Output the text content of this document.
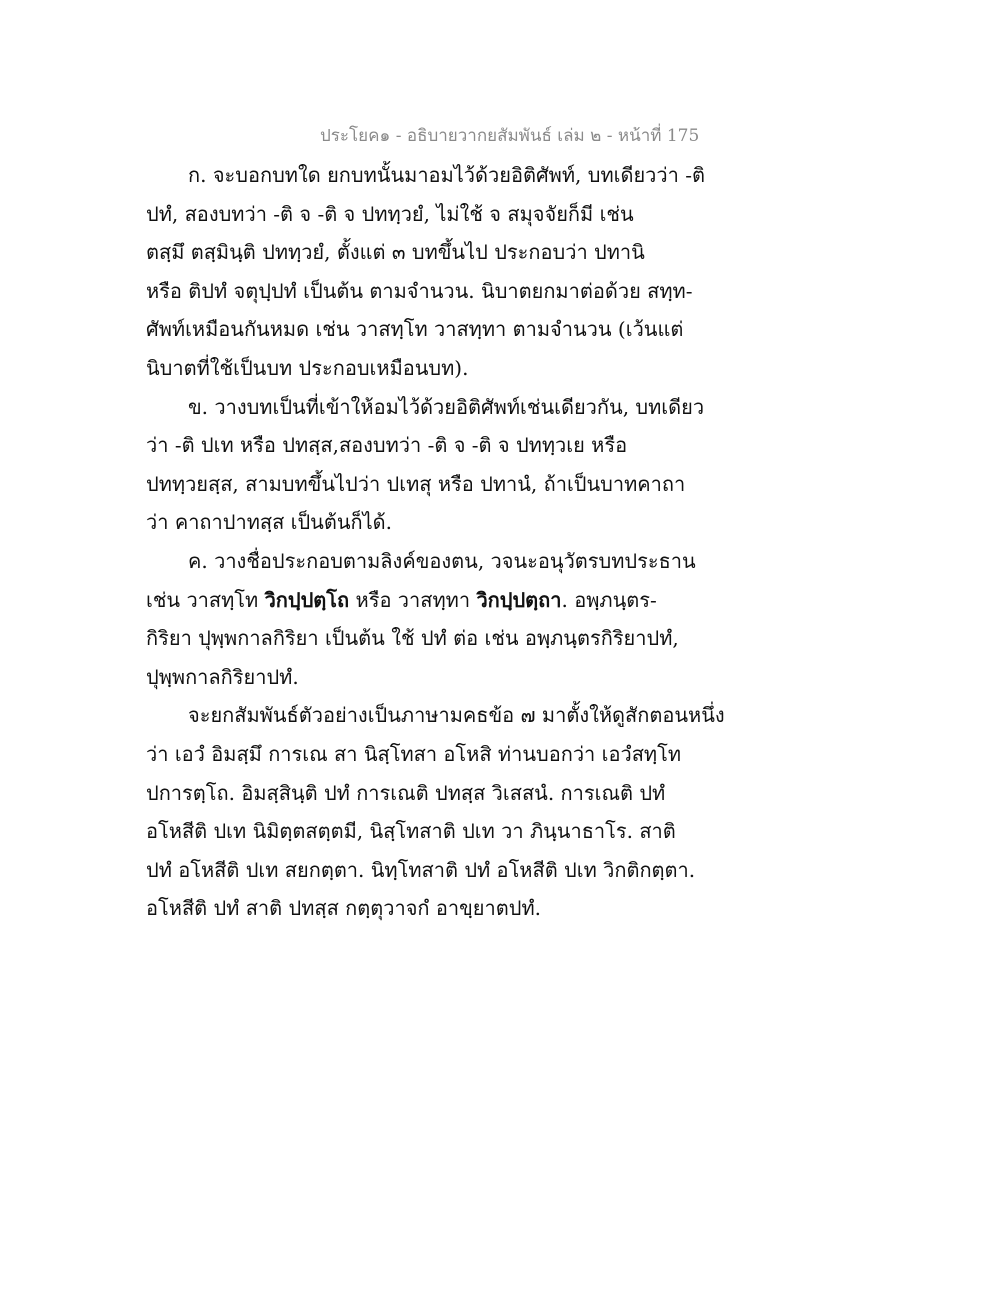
ประโยค๑ - อธิบายวากยสัมพันธ์ เล่ม ๒ - หน้าที่ 175
ก. จะบอกบทใด ยกบทนั้นมาอมไว้ด้วยอิติศัพท์, บทเดียวว่า -ติ
ปทํ, สองบทว่า -ติ จ -ติ จ ปททฺวยํ, ไม่ใช้ จ สมุจจัยก็มี เช่น
ตสฺมึ ตสฺมินฺติ ปททฺวยํ, ตั้งแต่ ๓ บทขึ้นไป ประกอบว่า ปทานิ
หรือ ติปทํ จตุปฺปทํ เป็นต้น ตามจำนวน. นิบาตยกมาต่อด้วย สทฺท-
ศัพท์เหมือนกันหมด เช่น วาสทฺโท วาสทฺทา ตามจำนวน (เว้นแต่
นิบาตที่ใช้เป็นบท ประกอบเหมือนบท).
ข. วางบทเป็นที่เข้าให้อมไว้ด้วยอิติศัพท์เช่นเดียวกัน, บทเดียว
ว่า -ติ ปเท หรือ ปทสฺส,สองบทว่า -ติ จ -ติ จ ปททฺวเย หรือ
ปททฺวยสฺส, สามบทขึ้นไปว่า ปเทสุ หรือ ปทานํ, ถ้าเป็นบาทคาถา
ว่า คาถาปาทสฺส เป็นต้นก็ได้.
ค. วางชื่อประกอบตามลิงค์ของตน, วจนะอนุวัตรบทประธาน
เช่น วาสทฺโท วิกปฺปตฺโถ หรือ วาสทฺทา วิกปฺปตฺถา. อพฺภนฺตร-
กิริยา ปุพฺพกาลกิริยา เป็นต้น ใช้ ปทํ ต่อ เช่น อพฺภนฺตรกิริยาปทํ,
ปุพฺพกาลกิริยาปทํ.
จะยกสัมพันธ์ตัวอย่างเป็นภาษามคธข้อ ๗ มาตั้งให้ดูสักตอนหนึ่ง
ว่า เอวํ อิมสฺมึ การเณ สา นิสฺโทสา อโหสิ ท่านบอกว่า เอวํสทฺโท
ปการตฺโถ. อิมสฺสินฺติ ปทํ การเณติ ปทสฺส วิเสสนํ. การเณติ ปทํ
อโหสีติ ปเท นิมิตฺตสตฺตมี, นิสฺโทสาติ ปเท วา ภินฺนาธาโร. สาติ
ปทํ อโหสีติ ปเท สยกตฺตา. นิทฺโทสาติ ปทํ อโหสีติ ปเท วิกติกตฺตา.
อโหสีติ ปทํ สาติ ปทสฺส กตฺตุวาจกํ อาขฺยาตปทํ.
